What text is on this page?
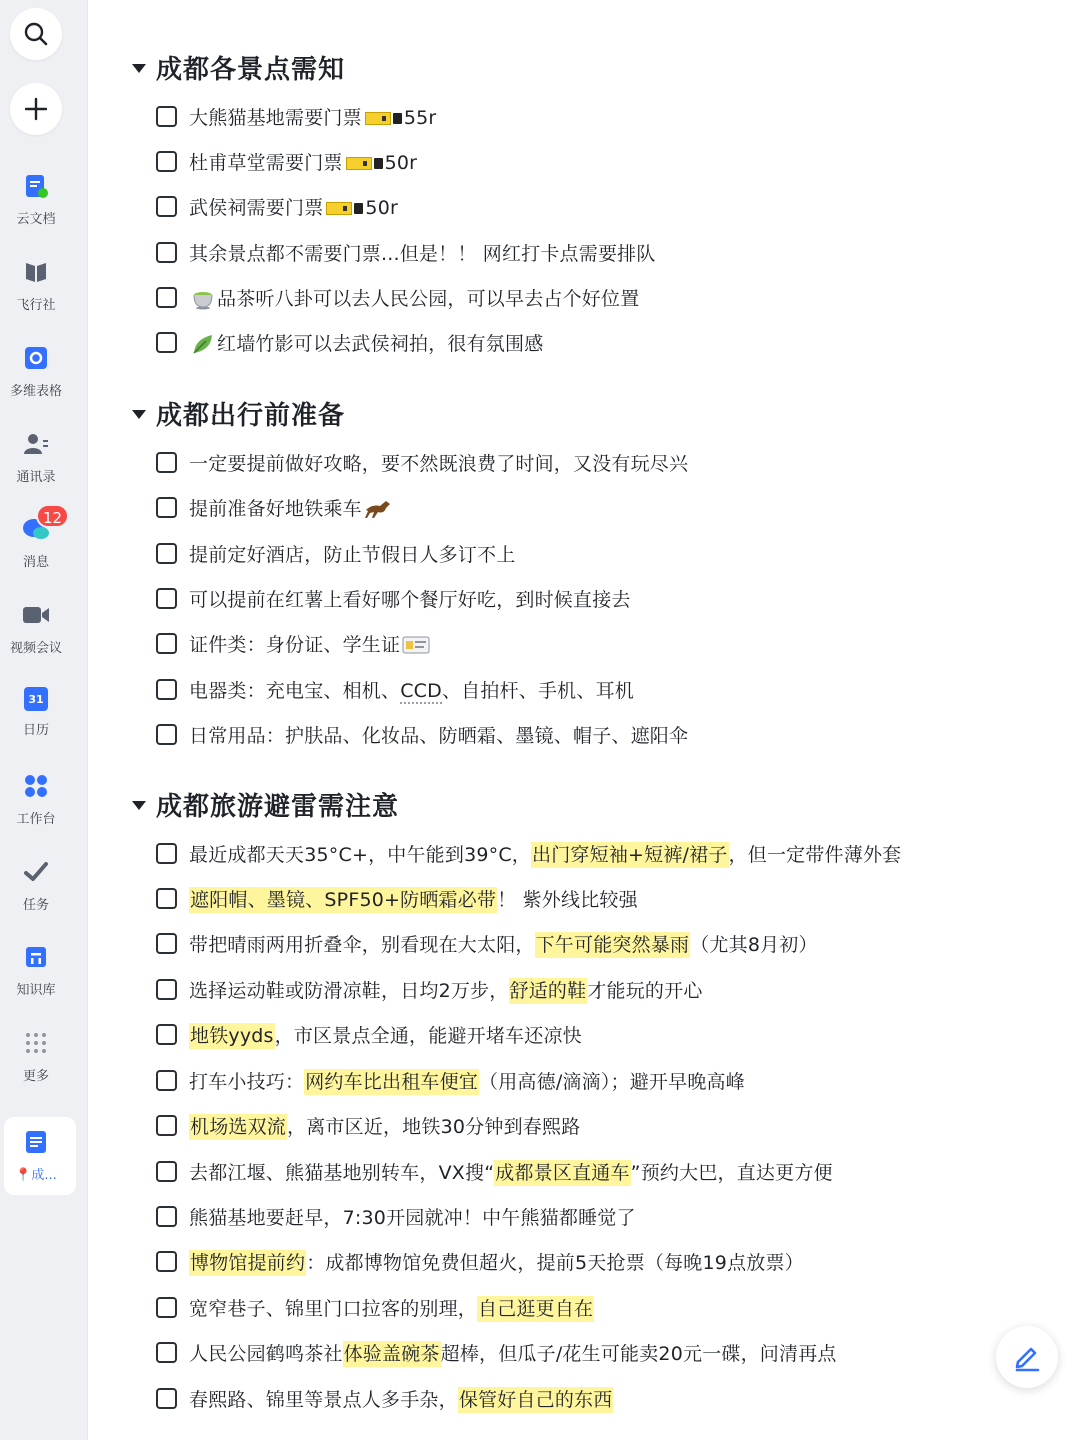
云文档
飞行社
多维表格
通讯录
消息
12
视频会议
31
日历
工作台
任务
知识库
更多
📍成...
成都各景点需知
大熊猫基地需要门票 55r
杜甫草堂需要门票 50r
武侯祠需要门票 50r
其余景点都不需要门票...但是！！ 网红打卡点需要排队
品茶听八卦可以去人民公园，可以早去占个好位置
红墙竹影可以去武侯祠拍，很有氛围感
成都出行前准备
一定要提前做好攻略，要不然既浪费了时间，又没有玩尽兴
提前准备好地铁乘车
提前定好酒店，防止节假日人多订不上
可以提前在红薯上看好哪个餐厅好吃，到时候直接去
证件类：身份证、学生证
电器类：充电宝、相机、CCD、自拍杆、手机、耳机
日常用品：护肤品、化妆品、防晒霜、墨镜、帽子、遮阳伞
成都旅游避雷需注意
最近成都天天35°C+，中午能到39°C，出门穿短袖+短裤/裙子，但一定带件薄外套
遮阳帽、墨镜、SPF50+防晒霜必带！ 紫外线比较强
带把晴雨两用折叠伞，别看现在大太阳，下午可能突然暴雨（尤其8月初）
选择运动鞋或防滑凉鞋，日均2万步，舒适的鞋才能玩的开心
地铁yyds，市区景点全通，能避开堵车还凉快
打车小技巧：网约车比出租车便宜（用高德/滴滴）；避开早晚高峰
机场选双流，离市区近，地铁30分钟到春熙路
去都江堰、熊猫基地别转车，VX搜“成都景区直通车”预约大巴，直达更方便
熊猫基地要赶早，7:30开园就冲！中午熊猫都睡觉了
博物馆提前约：成都博物馆免费但超火，提前5天抢票（每晚19点放票）
宽窄巷子、锦里门口拉客的别理，自己逛更自在
人民公园鹤鸣茶社体验盖碗茶超棒，但瓜子/花生可能卖20元一碟，问清再点
春熙路、锦里等景点人多手杂，保管好自己的东西
